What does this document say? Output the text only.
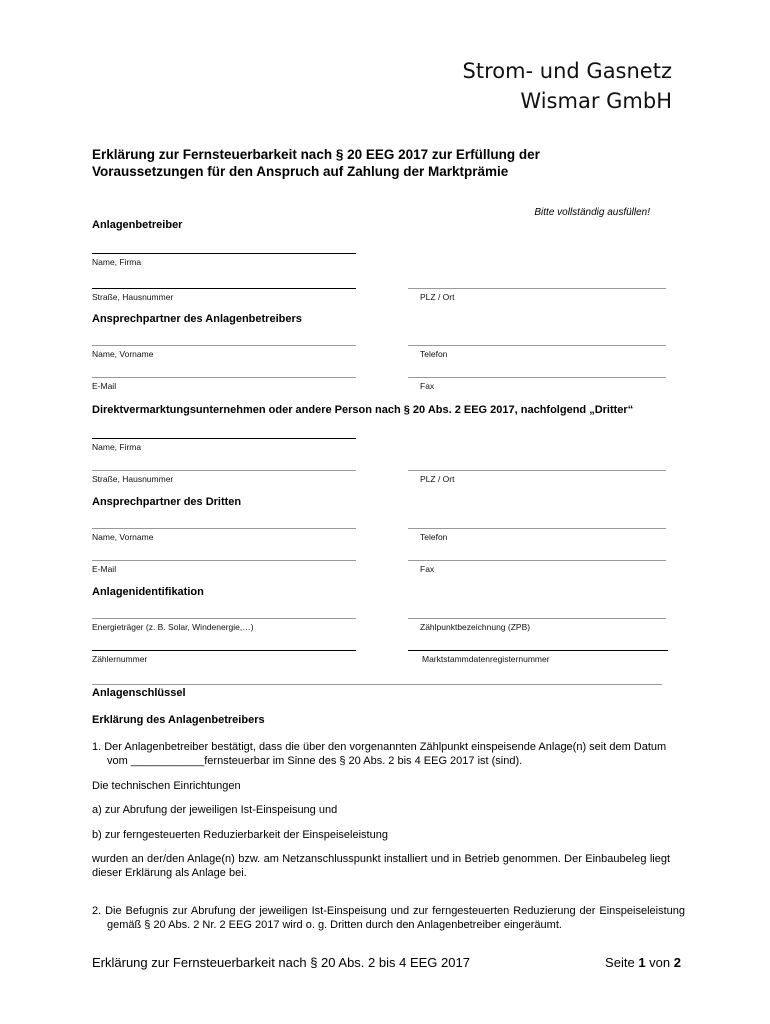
Strom- und Gasnetz
Wismar GmbH
Erklärung zur Fernsteuerbarkeit nach § 20 EEG 2017 zur Erfüllung der
Voraussetzungen für den Anspruch auf Zahlung der Marktprämie
Bitte vollständig ausfüllen!
Anlagenbetreiber
Name, Firma
Straße, Hausnummer	PLZ / Ort
Ansprechpartner des Anlagenbetreibers
Name, Vorname	Telefon
E-Mail	Fax
Direktvermarktungsunternehmen oder andere Person nach § 20 Abs. 2 EEG 2017, nachfolgend „Dritter“
Name, Firma
Straße, Hausnummer	PLZ / Ort
Ansprechpartner des Dritten
Name, Vorname	Telefon
E-Mail	Fax
Anlagenidentifikation
Energieträger (z. B. Solar, Windenergie,…)	Zählpunktbezeichnung (ZPB)
Zählernummer	Marktstammdatenregisternummer
Anlagenschlüssel
Erklärung des Anlagenbetreibers
1. Der Anlagenbetreiber bestätigt, dass die über den vorgenannten Zählpunkt einspeisende Anlage(n) seit dem Datum vom ____________fernsteuerbar im Sinne des § 20 Abs. 2 bis 4 EEG 2017 ist (sind).
Die technischen Einrichtungen
a) zur Abrufung der jeweiligen Ist-Einspeisung und
b) zur ferngesteuerten Reduzierbarkeit der Einspeiseleistung
wurden an der/den Anlage(n) bzw. am Netzanschlusspunkt installiert und in Betrieb genommen. Der Einbaubeleg liegt dieser Erklärung als Anlage bei.
2. Die Befugnis zur Abrufung der jeweiligen Ist-Einspeisung und zur ferngesteuerten Reduzierung der Einspeiseleistung gemäß § 20 Abs. 2 Nr. 2 EEG 2017 wird o. g. Dritten durch den Anlagenbetreiber eingeräumt.
Erklärung zur Fernsteuerbarkeit nach § 20 Abs. 2 bis 4 EEG 2017	Seite 1 von 2
